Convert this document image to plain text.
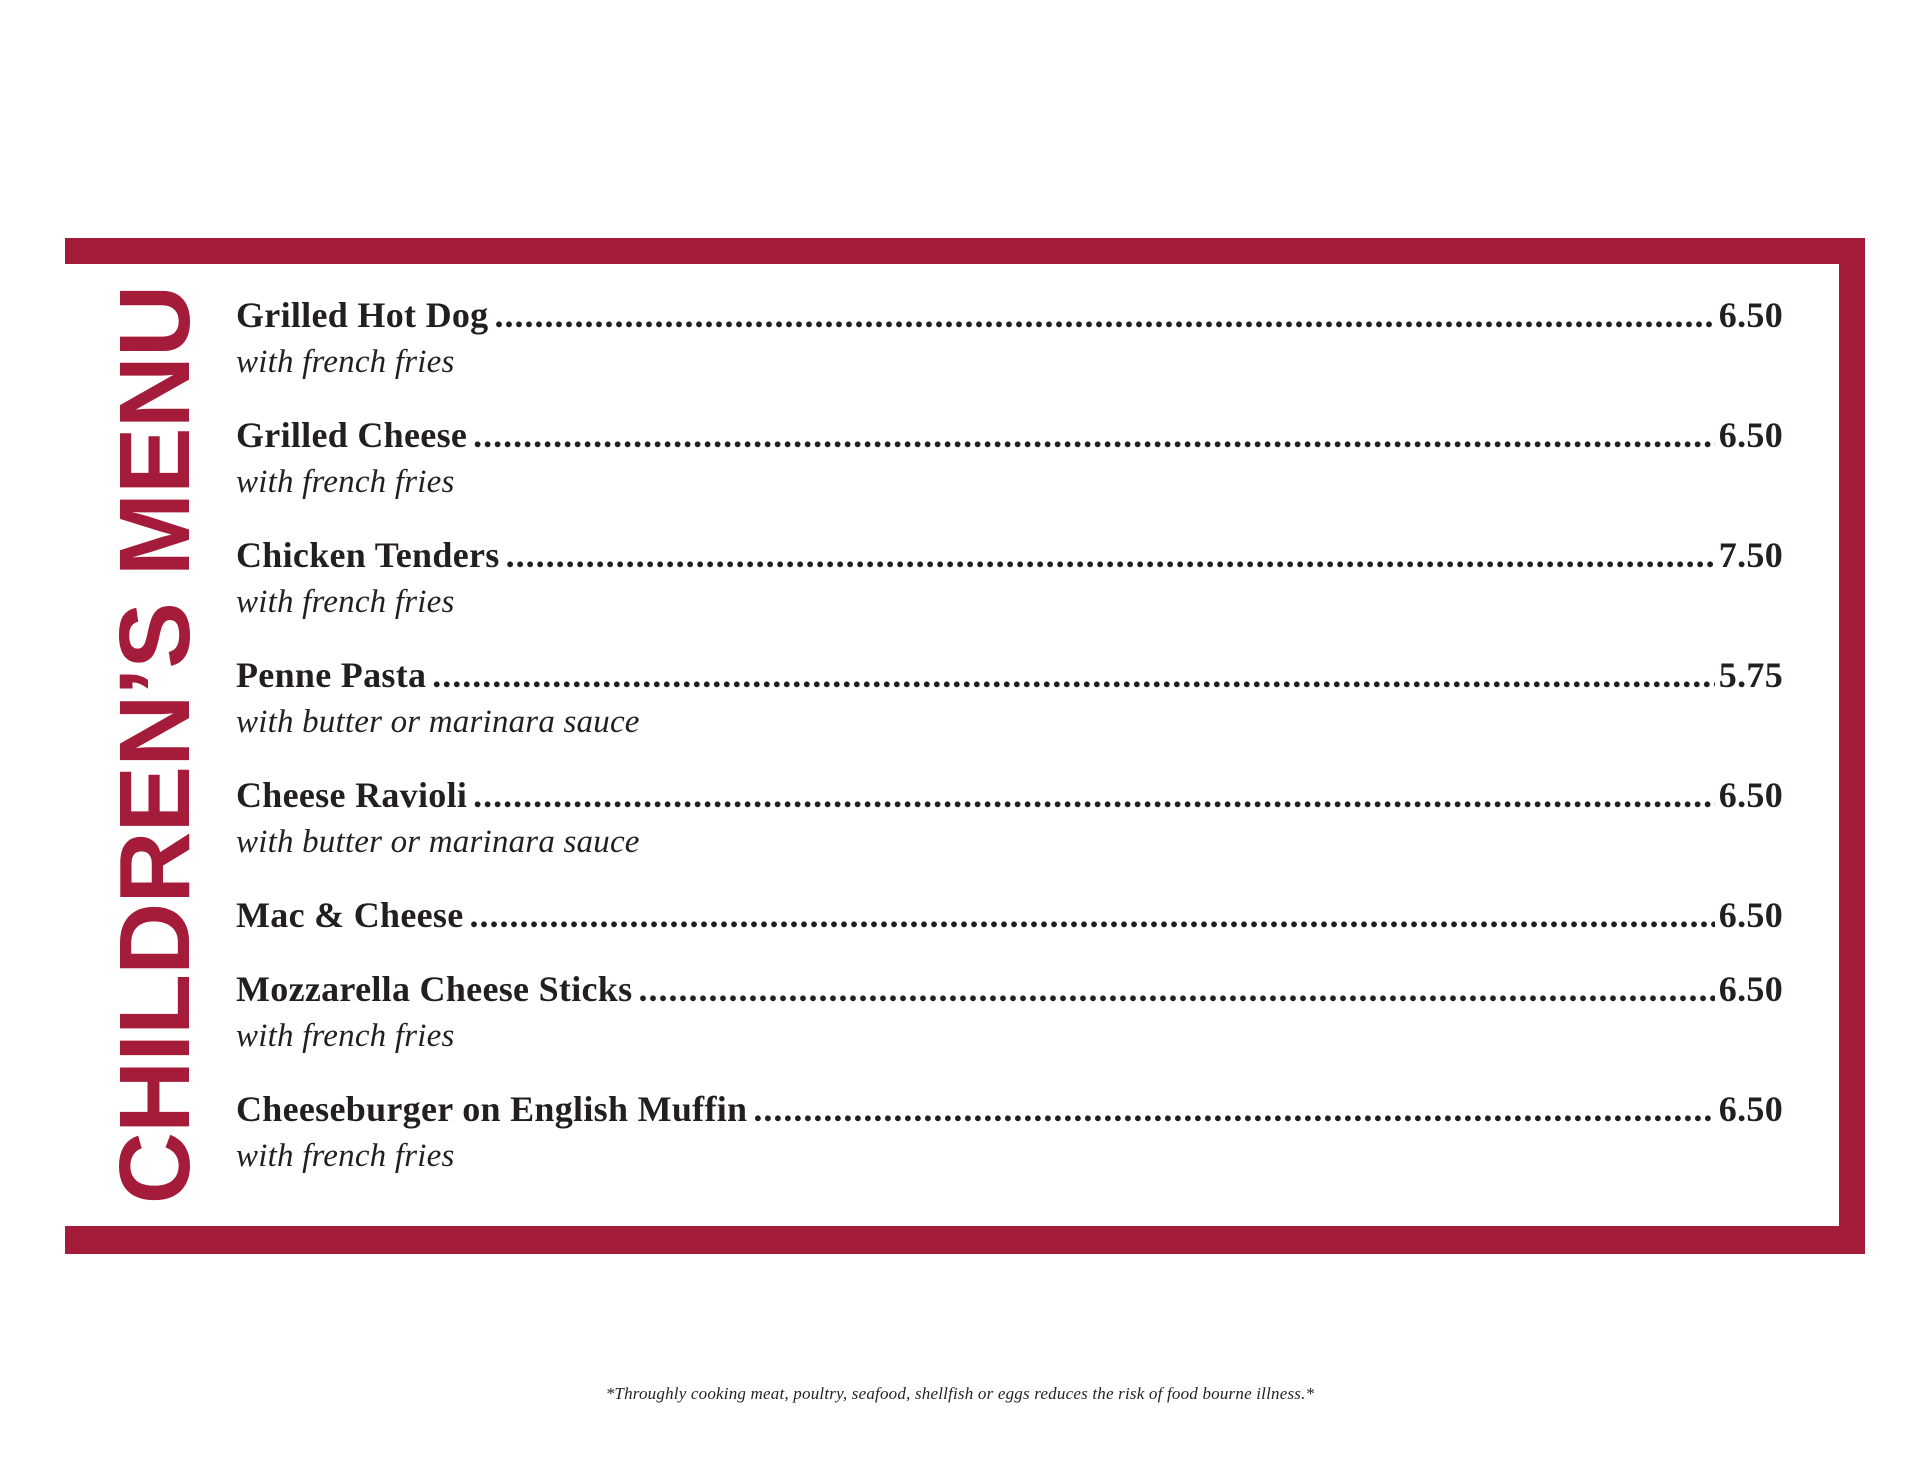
CHILDREN’S MENU Grilled Hot Dog .....	6.50
with french fries
Grilled Cheese .....	6.50
with french fries
Chicken Tenders .....	7.50
with french fries
Penne Pasta .....	5.75
with butter or marinara sauce
Cheese Ravioli .....	6.50
with butter or marinara sauce
Mac & Cheese .....	6.50
Mozzarella Cheese Sticks .....	6.50
with french fries
Cheeseburger on English Muffin .....	6.50
with french fries
*Throughly cooking meat, poultry, seafood, shellfish or eggs reduces the risk of food bourne illness.*
